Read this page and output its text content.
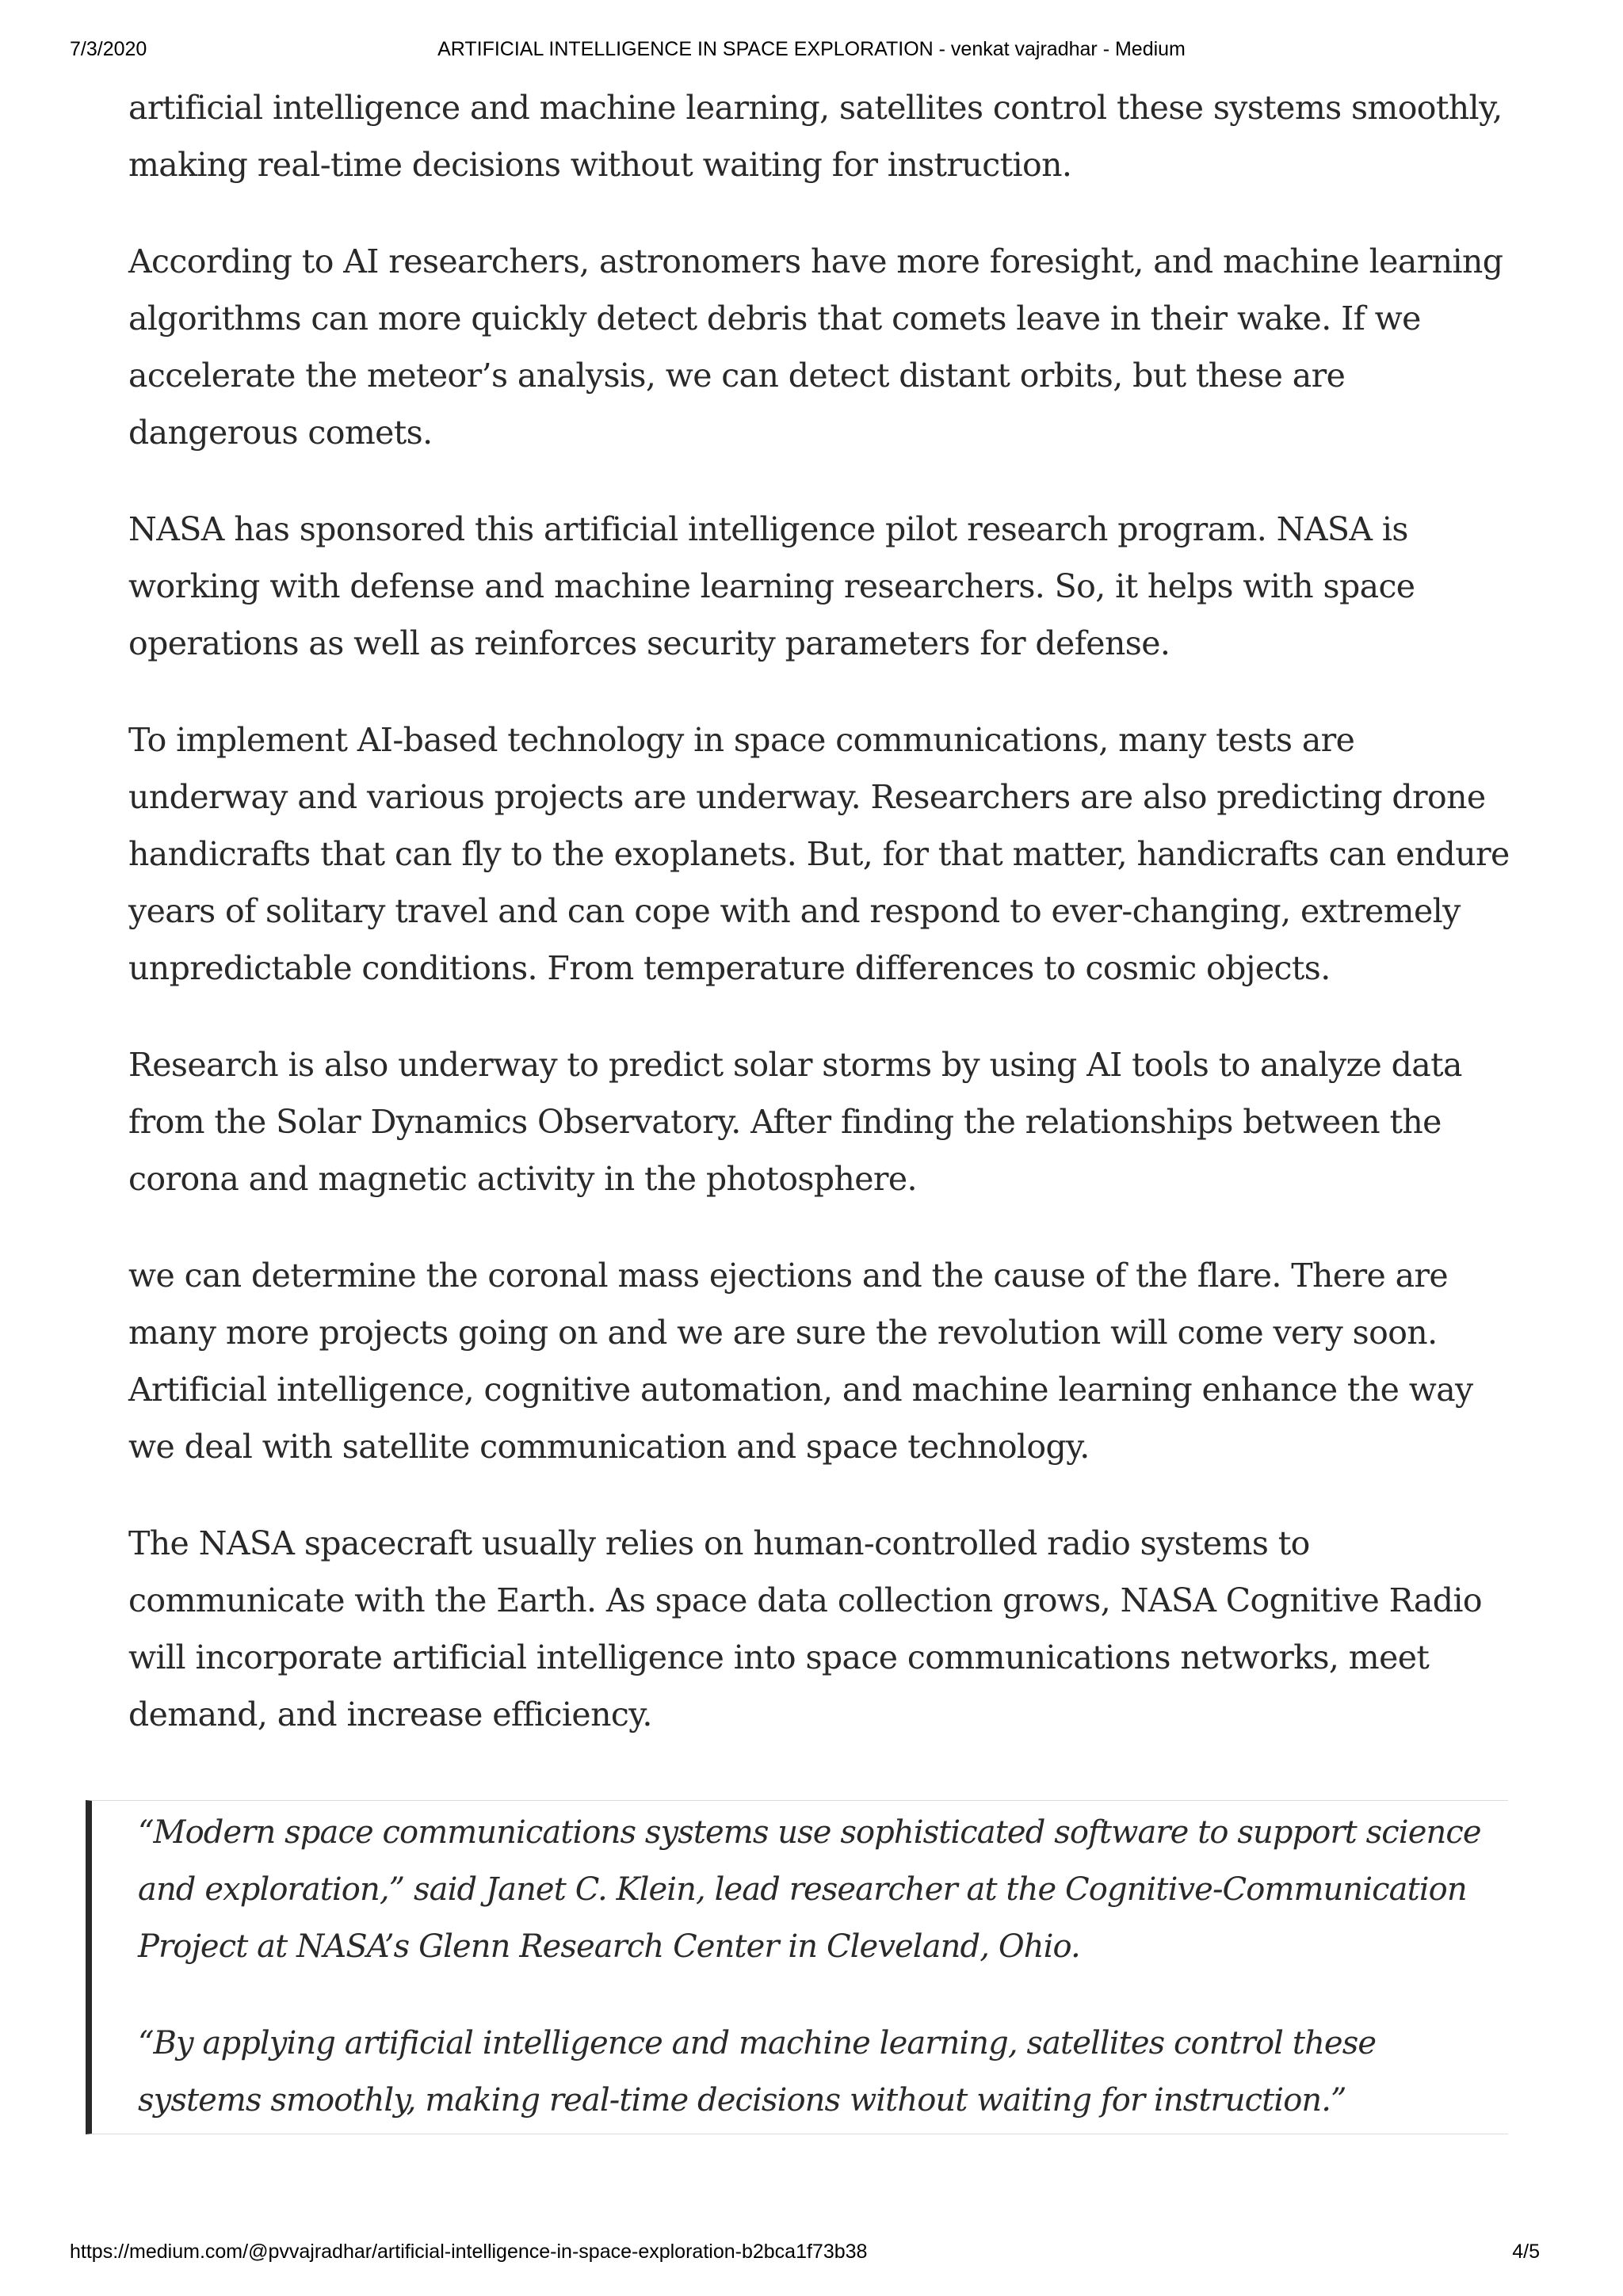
7/3/2020	ARTIFICIAL INTELLIGENCE IN SPACE EXPLORATION - venkat vajradhar - Medium

artificial intelligence and machine learning, satellites control these systems smoothly, making real-time decisions without waiting for instruction.

According to AI researchers, astronomers have more foresight, and machine learning algorithms can more quickly detect debris that comets leave in their wake. If we accelerate the meteor’s analysis, we can detect distant orbits, but these are dangerous comets.

NASA has sponsored this artificial intelligence pilot research program. NASA is working with defense and machine learning researchers. So, it helps with space operations as well as reinforces security parameters for defense.

To implement AI-based technology in space communications, many tests are underway and various projects are underway. Researchers are also predicting drone handicrafts that can fly to the exoplanets. But, for that matter, handicrafts can endure years of solitary travel and can cope with and respond to ever-changing, extremely unpredictable conditions. From temperature differences to cosmic objects.

Research is also underway to predict solar storms by using AI tools to analyze data from the Solar Dynamics Observatory. After finding the relationships between the corona and magnetic activity in the photosphere.

we can determine the coronal mass ejections and the cause of the flare. There are many more projects going on and we are sure the revolution will come very soon. Artificial intelligence, cognitive automation, and machine learning enhance the way we deal with satellite communication and space technology.

The NASA spacecraft usually relies on human-controlled radio systems to communicate with the Earth. As space data collection grows, NASA Cognitive Radio will incorporate artificial intelligence into space communications networks, meet demand, and increase efficiency.

“Modern space communications systems use sophisticated software to support science and exploration,” said Janet C. Klein, lead researcher at the Cognitive-Communication Project at NASA’s Glenn Research Center in Cleveland, Ohio.

“By applying artificial intelligence and machine learning, satellites control these systems smoothly, making real-time decisions without waiting for instruction.”

https://medium.com/@pvvajradhar/artificial-intelligence-in-space-exploration-b2bca1f73b38	4/5
